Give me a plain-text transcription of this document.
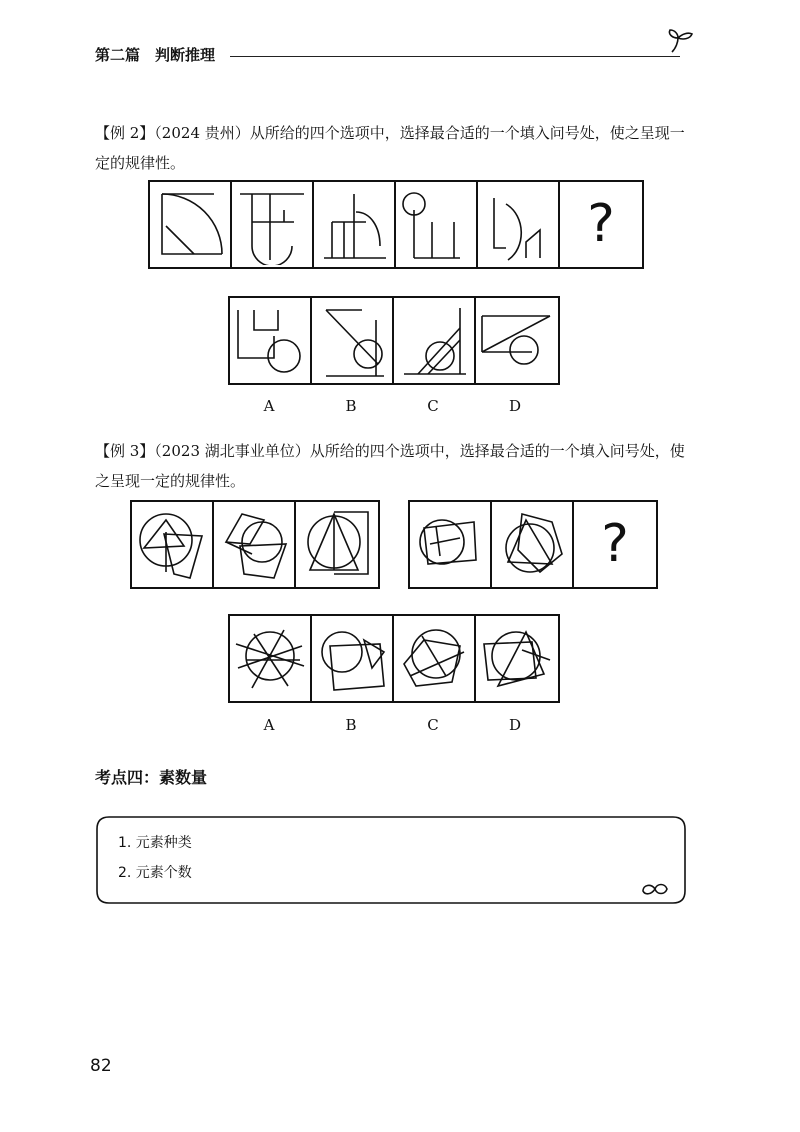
第二篇　判断推理
【例 2】（2024 贵州）从所给的四个选项中，选择最合适的一个填入问号处，使之呈现一定的规律性。
?
A	B	C	D
【例 3】（2023 湖北事业单位）从所给的四个选项中，选择最合适的一个填入问号处，使之呈现一定的规律性。
?
A	B	C	D
考点四：素数量
1. 元素种类
2. 元素个数
82
